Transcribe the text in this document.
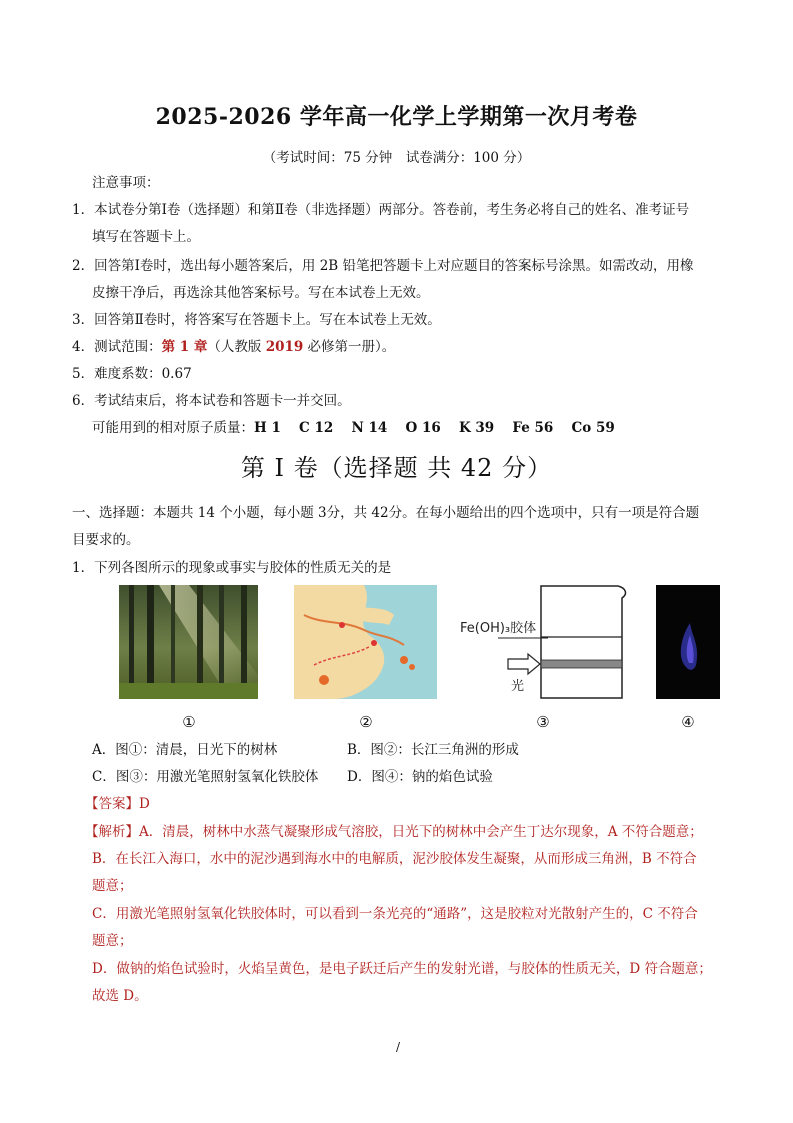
2025-2026 学年高一化学上学期第一次月考卷
（考试时间：75 分钟　试卷满分：100 分）
注意事项：
1．本试卷分第Ⅰ卷（选择题）和第Ⅱ卷（非选择题）两部分。答卷前，考生务必将自己的姓名、准考证号
填写在答题卡上。
2．回答第Ⅰ卷时，选出每小题答案后，用 2B 铅笔把答题卡上对应题目的答案标号涂黑。如需改动，用橡
皮擦干净后，再选涂其他答案标号。写在本试卷上无效。
3．回答第Ⅱ卷时，将答案写在答题卡上。写在本试卷上无效。
4．测试范围：第 1 章（人教版 2019 必修第一册）。
5．难度系数：0.67
6．考试结束后，将本试卷和答题卡一并交回。
可能用到的相对原子质量：H 1　 C 12　 N 14　 O 16　 K 39　 Fe 56　 Co 59
第 I 卷（选择题 共 42 分）
一、选择题：本题共 14 个小题，每小题 3分，共 42分。在每小题给出的四个选项中，只有一项是符合题
目要求的。
1．下列各图所示的现象或事实与胶体的性质无关的是
Fe(OH)₃胶体
光
①	②	③	④
A．图①：清晨，日光下的树林	B．图②：长江三角洲的形成
C．图③：用激光笔照射氢氧化铁胶体 D．图④：钠的焰色试验
【答案】D
【解析】A．清晨，树林中水蒸气凝聚形成气溶胶，日光下的树林中会产生丁达尔现象，A 不符合题意；
B．在长江入海口，水中的泥沙遇到海水中的电解质，泥沙胶体发生凝聚，从而形成三角洲，B 不符合
题意；
C．用激光笔照射氢氧化铁胶体时，可以看到一条光亮的“通路”，这是胶粒对光散射产生的，C 不符合
题意；
D．做钠的焰色试验时，火焰呈黄色，是电子跃迁后产生的发射光谱，与胶体的性质无关，D 符合题意；
故选 D。
/
